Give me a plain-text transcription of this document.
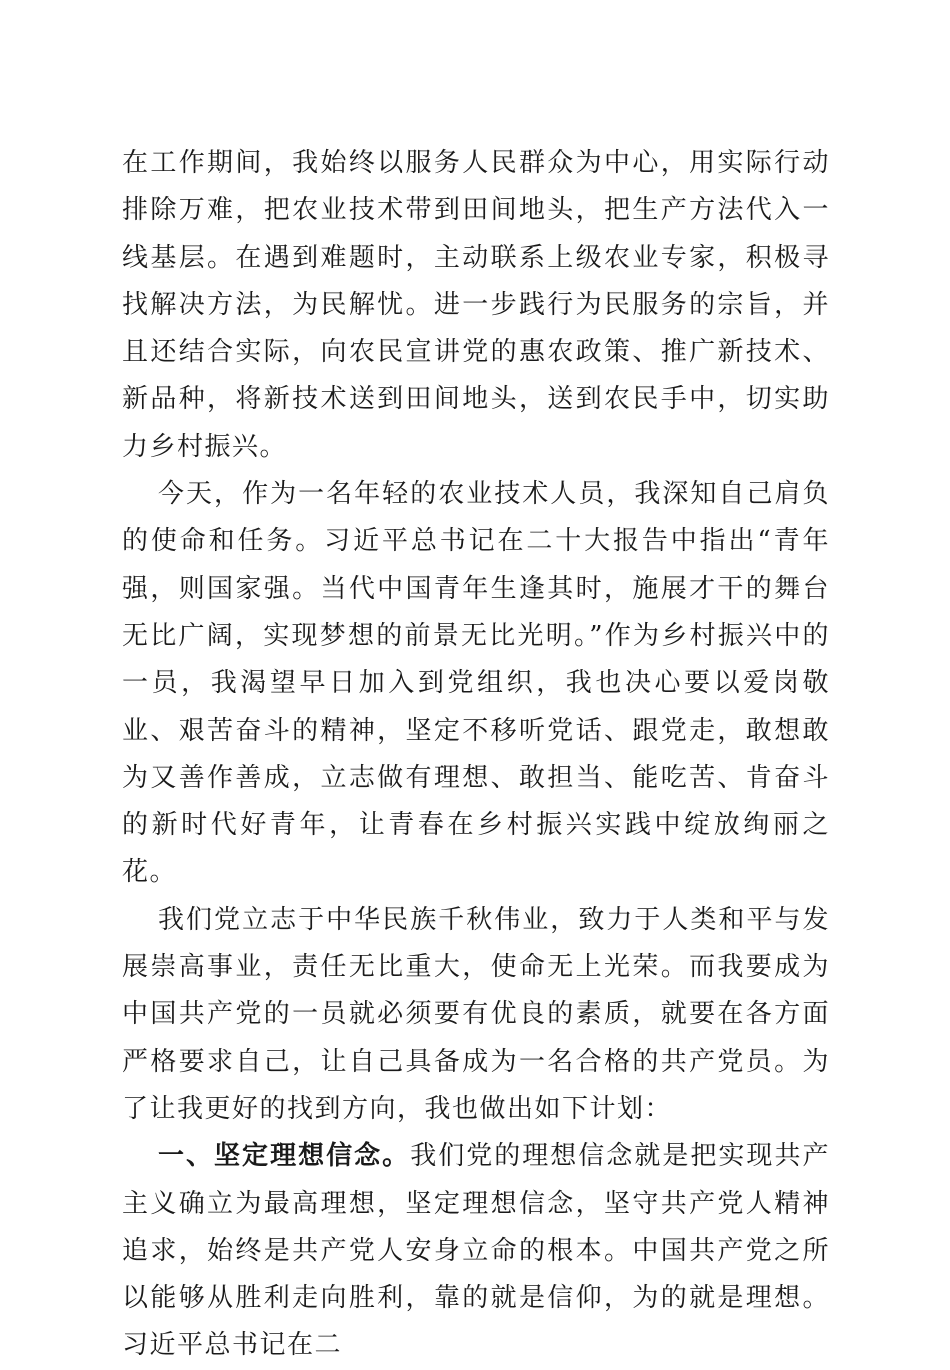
在工作期间，我始终以服务人民群众为中心，用实际行动排除万难，把农业技术带到田间地头，把生产方法代入一线基层。在遇到难题时，主动联系上级农业专家，积极寻找解决方法，为民解忧。进一步践行为民服务的宗旨，并且还结合实际，向农民宣讲党的惠农政策、推广新技术、新品种，将新技术送到田间地头，送到农民手中，切实助力乡村振兴。

今天，作为一名年轻的农业技术人员，我深知自己肩负的使命和任务。习近平总书记在二十大报告中指出“青年强，则国家强。当代中国青年生逢其时，施展才干的舞台无比广阔，实现梦想的前景无比光明。”作为乡村振兴中的一员，我渴望早日加入到党组织，我也决心要以爱岗敬业、艰苦奋斗的精神，坚定不移听党话、跟党走，敢想敢为又善作善成，立志做有理想、敢担当、能吃苦、肯奋斗的新时代好青年，让青春在乡村振兴实践中绽放绚丽之花。

我们党立志于中华民族千秋伟业，致力于人类和平与发展崇高事业，责任无比重大，使命无上光荣。而我要成为中国共产党的一员就必须要有优良的素质，就要在各方面严格要求自己，让自己具备成为一名合格的共产党员。为了让我更好的找到方向，我也做出如下计划：

一、坚定理想信念。我们党的理想信念就是把实现共产主义确立为最高理想，坚定理想信念，坚守共产党人精神追求，始终是共产党人安身立命的根本。中国共产党之所以能够从胜利走向胜利，靠的就是信仰，为的就是理想。习近平总书记在二
